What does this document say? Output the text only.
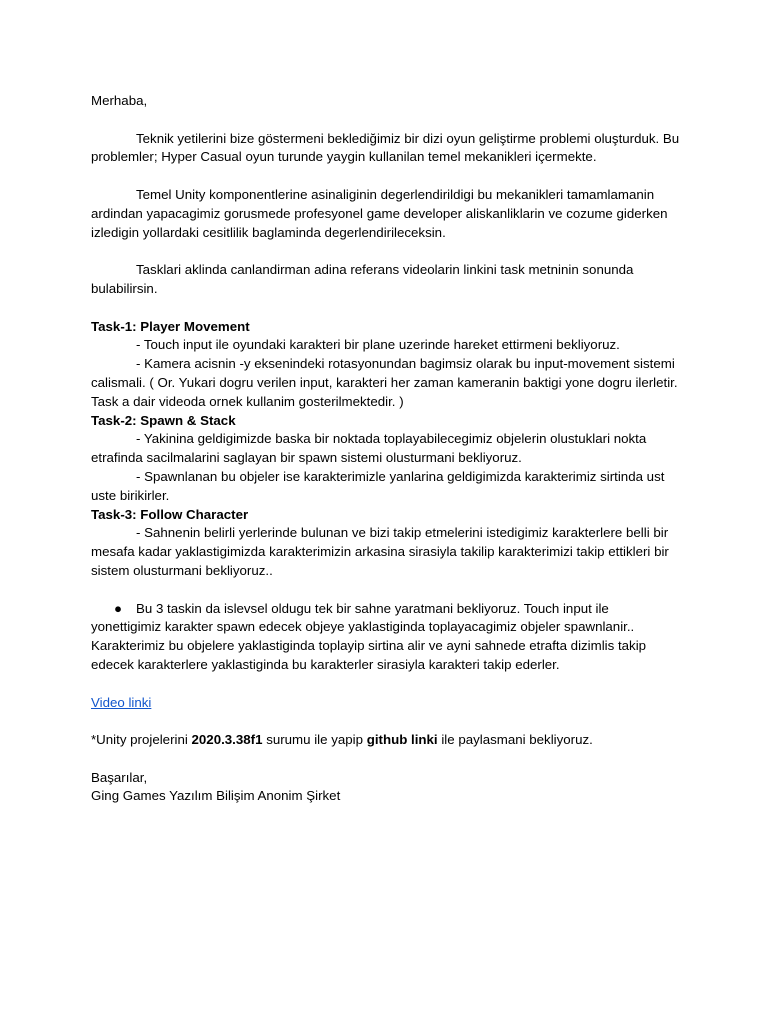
Merhaba,

Teknik yetilerini bize göstermeni beklediğimiz bir dizi oyun geliştirme problemi oluşturduk. Bu problemler; Hyper Casual oyun turunde yaygin kullanilan temel mekanikleri içermekte.

Temel Unity komponentlerine asinaliginin degerlendirildigi bu mekanikleri tamamlamanin ardindan yapacagimiz gorusmede profesyonel game developer aliskanliklarin ve cozume giderken izledigin yollardaki cesitlilik baglaminda degerlendirileceksin.

Tasklari aklinda canlandirman adina referans videolarin linkini task metninin sonunda bulabilirsin.

Task-1: Player Movement

- Touch input ile oyundaki karakteri bir plane uzerinde hareket ettirmeni bekliyoruz.

- Kamera acisnin -y eksenindeki rotasyonundan bagimsiz olarak bu input-movement sistemi calismali. ( Or. Yukari dogru verilen input, karakteri her zaman kameranin baktigi yone dogru ilerletir. Task a dair videoda ornek kullanim gosterilmektedir. )

Task-2: Spawn & Stack

- Yakinina geldigimizde baska bir noktada toplayabilecegimiz objelerin olustuklari nokta etrafinda sacilmalarini saglayan bir spawn sistemi olusturmani bekliyoruz.

- Spawnlanan bu objeler ise karakterimizle yanlarina geldigimizda karakterimiz sirtinda ust uste birikirler.

Task-3: Follow Character

- Sahnenin belirli yerlerinde bulunan ve bizi takip etmelerini istedigimiz karakterlere belli bir mesafa kadar yaklastigimizda karakterimizin arkasina sirasiyla takilip karakterimizi takip ettikleri bir sistem olusturmani bekliyoruz..

● Bu 3 taskin da islevsel oldugu tek bir sahne yaratmani bekliyoruz. Touch input ile yonettigimiz karakter spawn edecek objeye yaklastiginda toplayacagimiz objeler spawnlanir.. Karakterimiz bu objelere yaklastiginda toplayip sirtina alir ve ayni sahnede etrafta dizimlis takip edecek karakterlere yaklastiginda bu karakterler sirasiyla karakteri takip ederler.

Video linki

*Unity projelerini 2020.3.38f1 surumu ile yapip github linki ile paylasmani bekliyoruz.

Başarılar,

Ging Games Yazılım Bilişim Anonim Şirket
